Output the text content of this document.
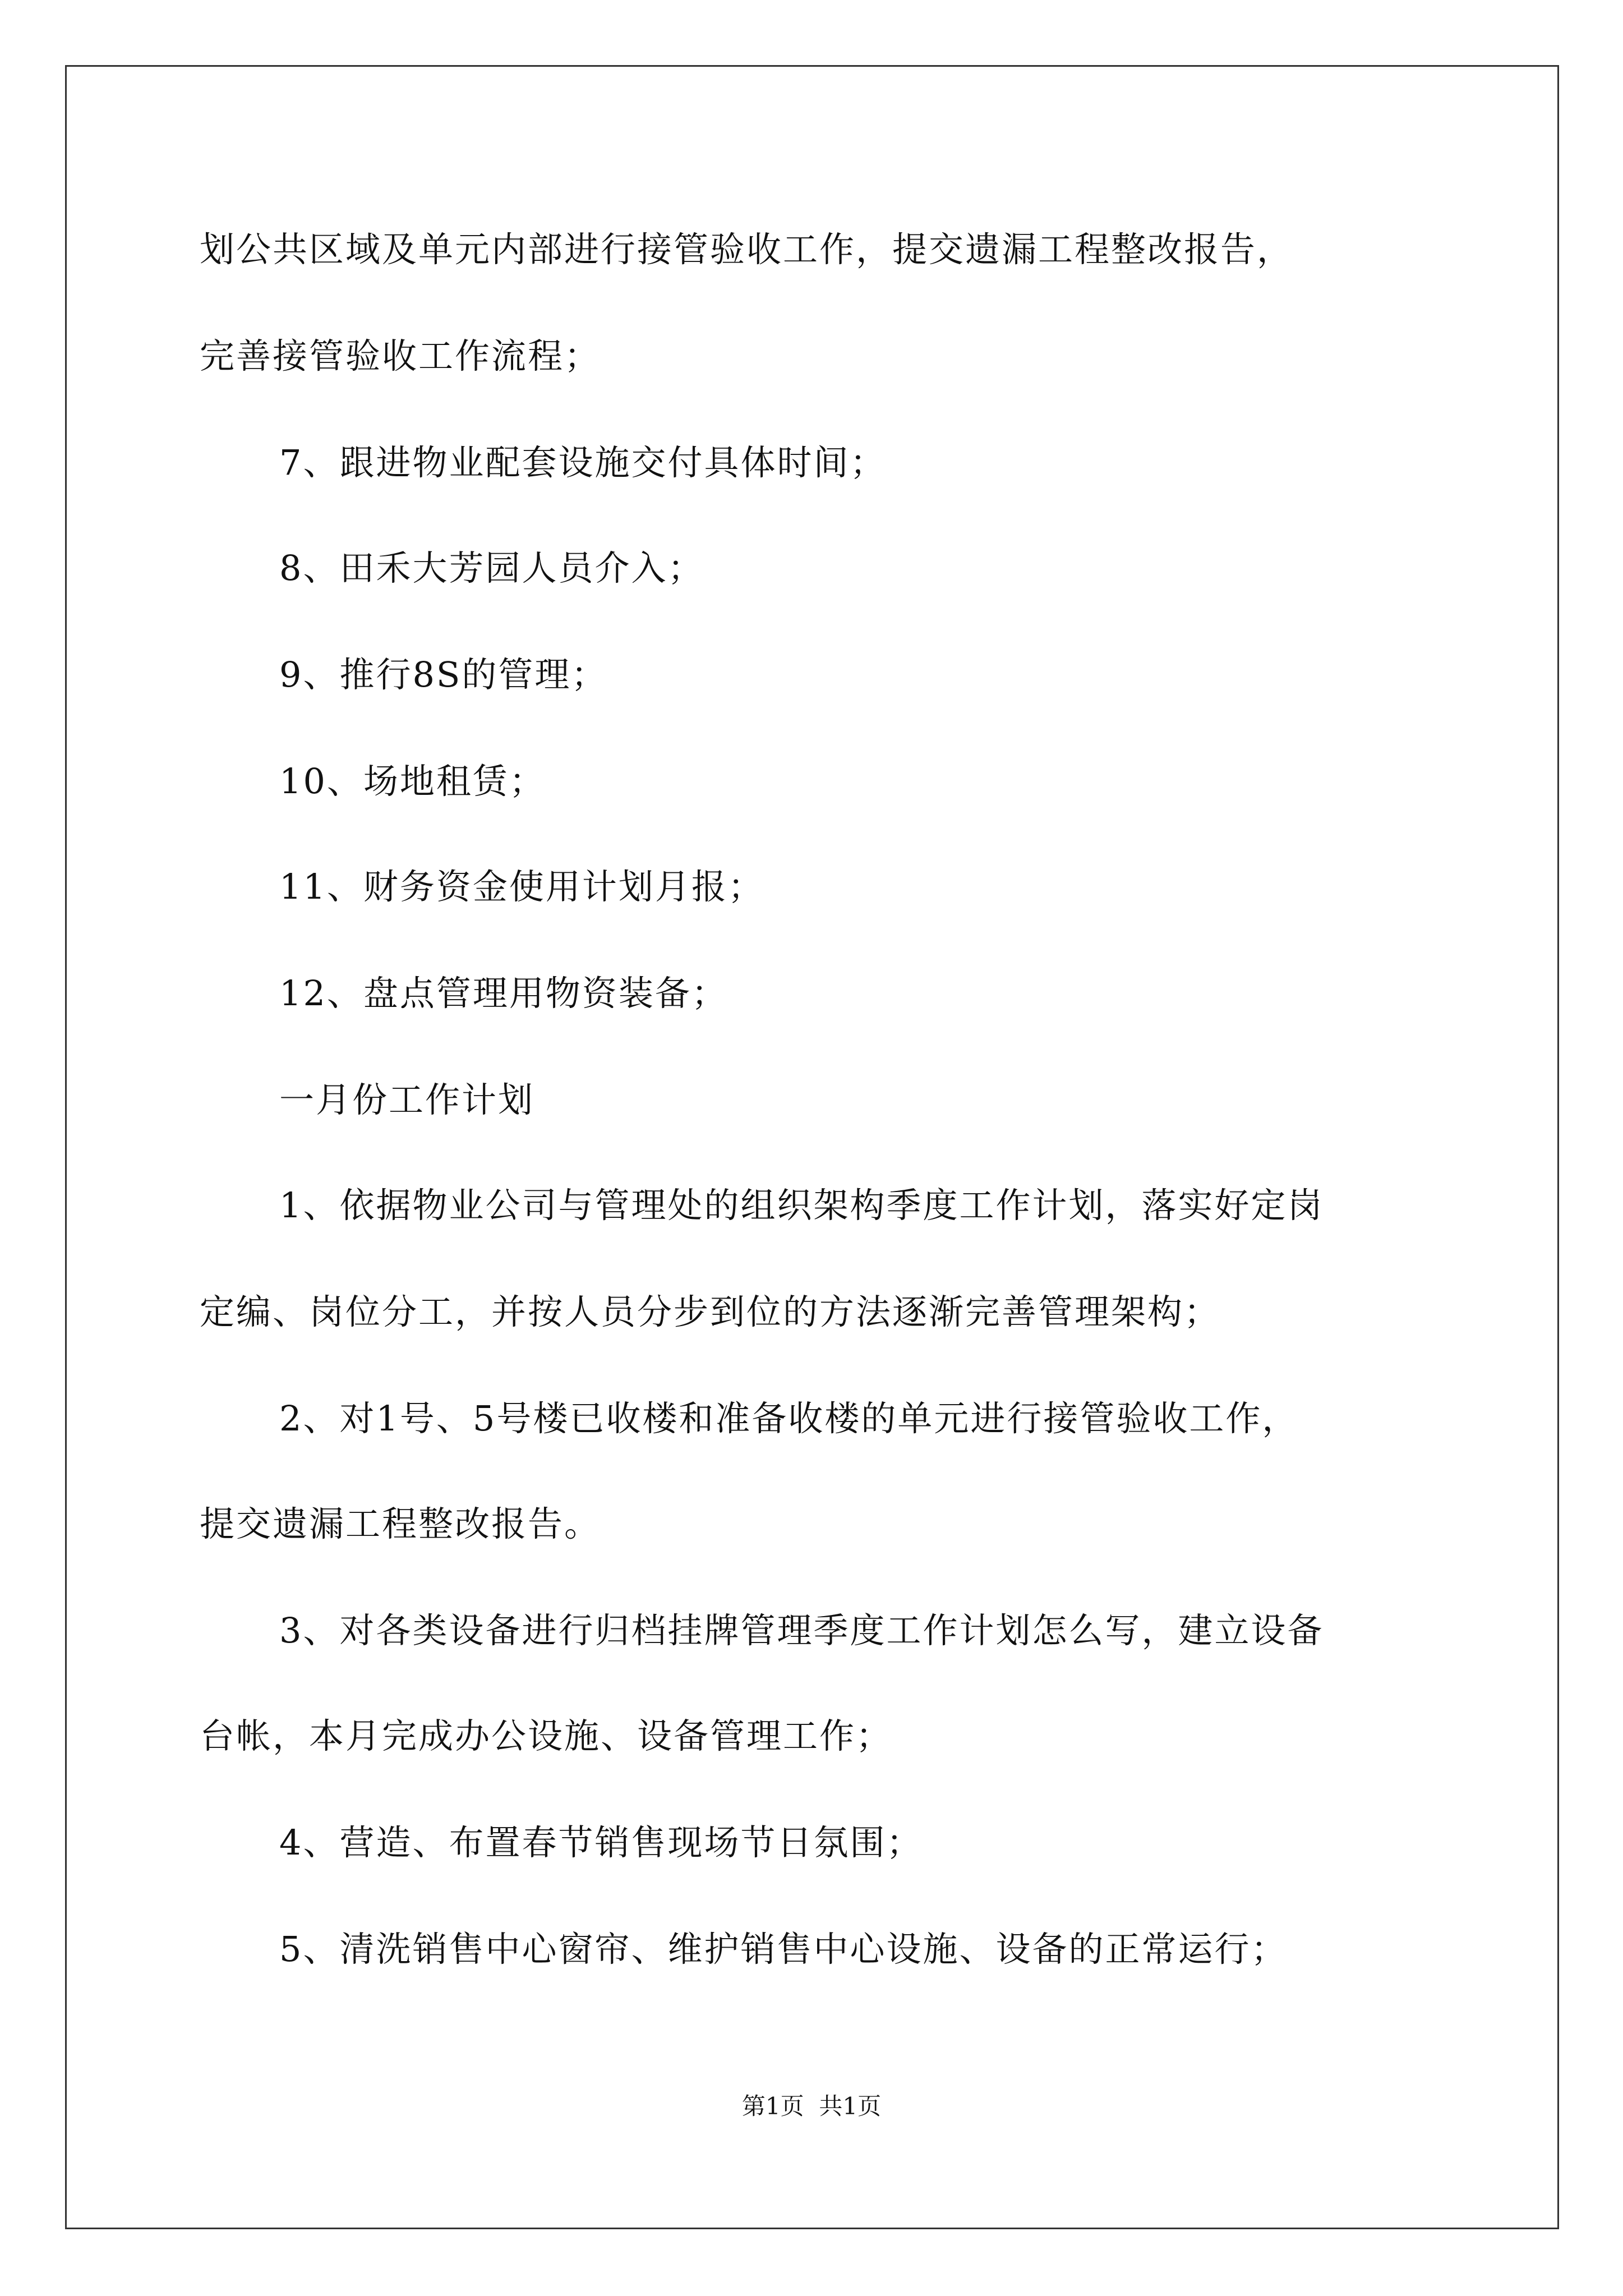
划公共区域及单元内部进行接管验收工作，提交遗漏工程整改报告，
完善接管验收工作流程；
7、跟进物业配套设施交付具体时间；
8、田禾大芳园人员介入；
9、推行8S的管理；
10、场地租赁；
11、财务资金使用计划月报；
12、盘点管理用物资装备；
一月份工作计划
1、依据物业公司与管理处的组织架构季度工作计划，落实好定岗
定编、岗位分工，并按人员分步到位的方法逐渐完善管理架构；
2、对1号、5号楼已收楼和准备收楼的单元进行接管验收工作，
提交遗漏工程整改报告。
3、对各类设备进行归档挂牌管理季度工作计划怎么写，建立设备
台帐，本月完成办公设施、设备管理工作；
4、营造、布置春节销售现场节日氛围；
5、清洗销售中心窗帘、维护销售中心设施、设备的正常运行；
第1页  共1页
